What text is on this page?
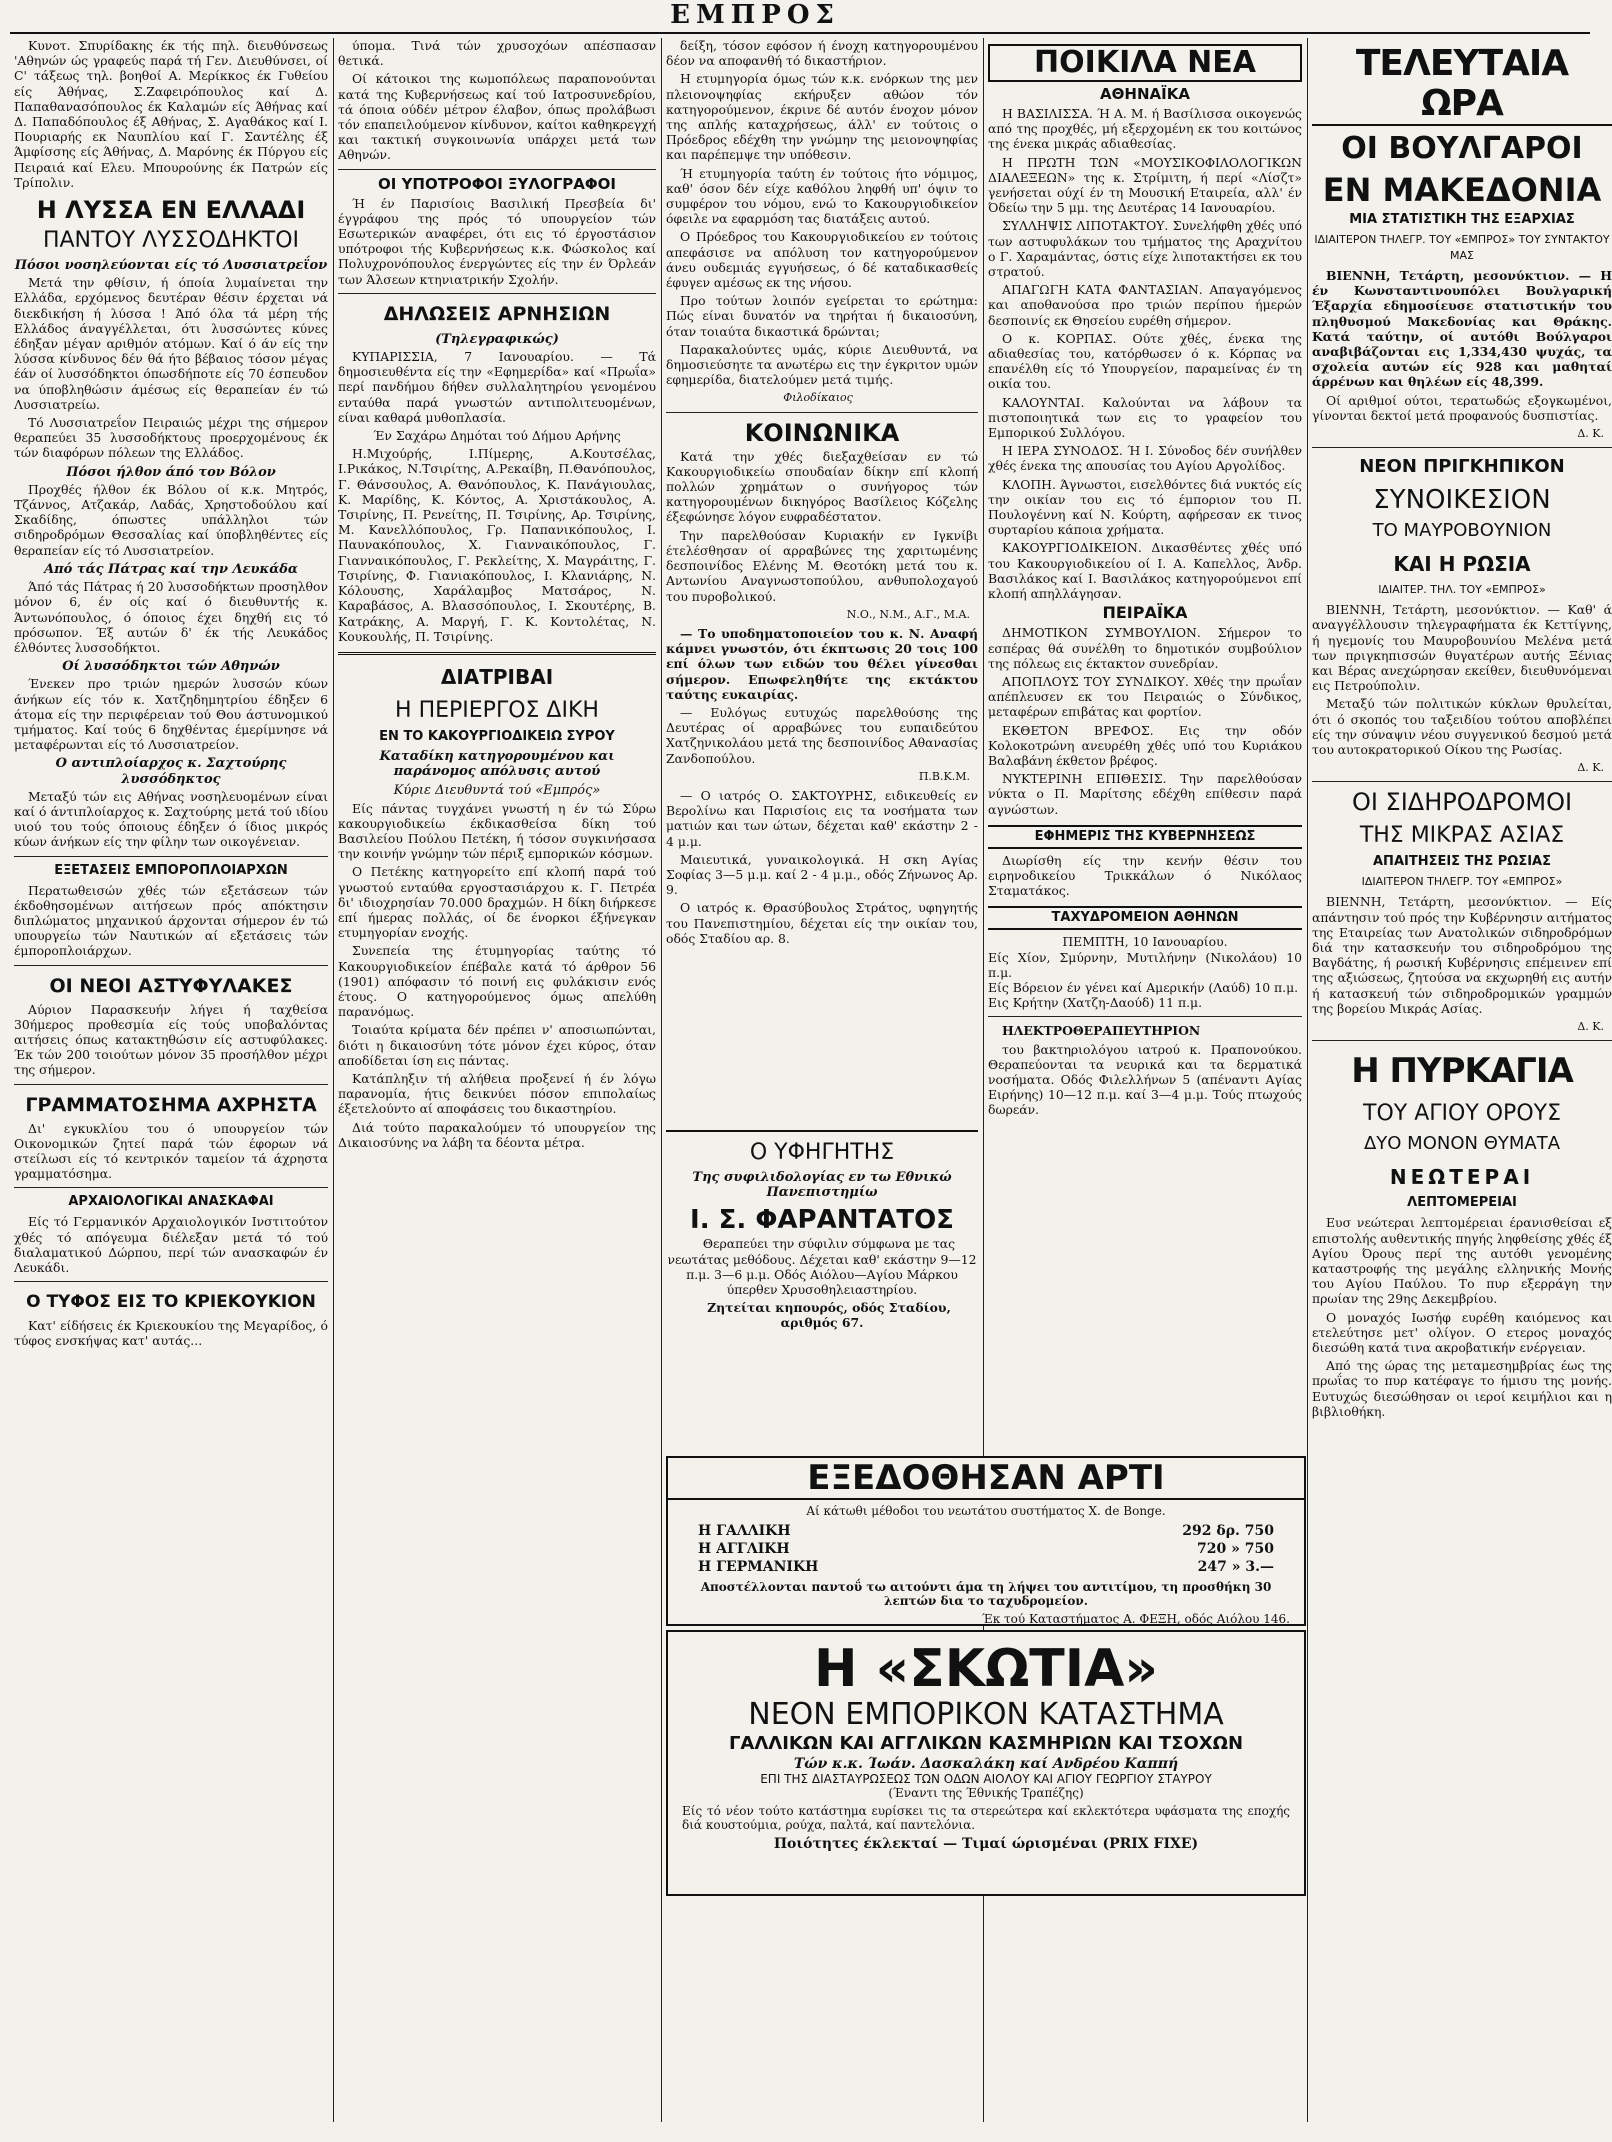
ΕΜΠΡΟΣ

Κυνοτ. Σπυρίδακης έκ τής πηλ. διευθύνσεως 'Αθηνών ώς γραφεύς παρά τή Γεν. Διευθύνσει, οί C' τάξεως τηλ. βοηθοί Α. Μερίκκος έκ Γυθείου είς Άθήνας, Σ.Ζαφειρόπουλος καί Δ. Παπαθανασόπουλος έκ Καλαμών είς Άθήνας καί Δ. Παπαδόπουλος έξ Αθήνας, Σ. Αγαθάκος καί Ι. Πουριαρής εκ Ναυπλίου καί Γ. Σαντέλης έξ Άμφίσσης είς Άθήνας, Δ. Μαρόνης έκ Πύργου είς Πειραιά καί Ελευ. Μπουρούνης έκ Πατρών είς Τρίπολιν.

Η ΛΥΣΣΑ ΕΝ ΕΛΛΑΔΙ
ΠΑΝΤΟΥ ΛΥΣΣΟΔΗΚΤΟΙ
Πόσοι νοσηλεύονται είς τό Λυσσιατρεΐον

Μετά την φθίσιν, ή όποία λυμαίνεται την Ελλάδα, ερχόμενος δευτέραν θέσιν έρχεται νά διεκδικήση ή λύσσα ! Άπό όλα τά μέρη τής Ελλάδος άναγγέλλεται, ότι λυσσώντες κύνες έδηξαν μέγαν αριθμόν ατόμων. Καί ό άν είς την λύσσα κίνδυνος δέν θά ήτο βέβαιος τόσον μέγας έάν οί λυσσόδηκτοι όπωσδήποτε είς 70 έσπευδον να ύποβληθώσιν άμέσως είς θεραπείαν έν τώ Λυσσιατρείω.

Τό Λυσσιατρεΐον Πειραιώς μέχρι της σήμερον θεραπεύει 35 λυσσοδήκτους προερχομένους έκ τών διαφόρων πόλεων της Ελλάδος.

Πόσοι ήλθον άπό τον Βόλον

Προχθές ήλθον έκ Βόλου οί κ.κ. Μητρός, Τζάννος, Ατζακάρ, Λαδάς, Χρηστοδούλου καί Σκαδίδης, όπωστες υπάλληλοι τών σιδηροδρόμων Θεσσαλίας καί ύποβληθέντες είς θεραπείαν είς τό Λυσσιατρείον.

Από τάς Πάτρας καί την Λευκάδα

Άπό τάς Πάτρας ή 20 λυσσοδήκτων προσηλθον μόνον 6, έν οίς καί ό διευθυντής κ. Άντωνόπουλος, ό όποιος έχει δηχθή εις τό πρόσωπον. Έξ αυτών δ' έκ τής Λευκάδος έλθόντες λυσσοδήκτοι.

Οί λυσσόδηκτοι τών Αθηνών

Ένεκεν προ τριών ημερών λυσσών κύων άνήκων είς τόν κ. Χατζηδημητρίου έδηξεν 6 άτομα είς την περιφέρειαν τού Θου άστυνομικού τμήματος. Καί τούς 6 δηχθέντας έμερίμνησε νά μεταφέρωνται είς τό Λυσσιατρείον.

Ο αντιπλοίαρχος κ. Σαχτούρης λυσσόδηκτος

Μεταξύ τών εις Αθήνας νοσηλευομένων είναι καί ό άντιπλοίαρχος κ. Σαχτούρης μετά τού ιδίου υιού του τούς όποιους έδηξεν ό ίδιος μικρός κύων άνήκων είς την φίλην των οικογένειαν.

ΕΞΕΤΑΣΕΙΣ ΕΜΠΟΡΟΠΛΟΙΑΡΧΩΝ

Περατωθεισών χθές τών εξετάσεων τών έκδοθησομένων αιτήσεων πρός απόκτησιν διπλώματος μηχανικού άρχονται σήμερον έν τώ υπουργείω τών Ναυτικών αί εξετάσεις τών έμποροπλοιάρχων.

ΟΙ ΝΕΟΙ ΑΣΤΥΦΥΛΑΚΕΣ

Αύριον Παρασκευήν λήγει ή ταχθείσα 30ήμερος προθεσμία είς τούς υποβαλόντας αιτήσεις όπως κατακτηθώσιν είς αστυφύλακες. Έκ τών 200 τοιούτων μόνον 35 προσήλθον μέχρι της σήμερον.

ΓΡΑΜΜΑΤΟΣΗΜΑ ΑΧΡΗΣΤΑ

Δι' εγκυκλίου του ό υπουργείον τών Οικονομικών ζητεί παρά τών έφορων νά στείλωσι είς τό κεντρικόν ταμείον τά άχρηστα γραμματόσημα.

ΑΡΧΑΙΟΛΟΓΙΚΑΙ ΑΝΑΣΚΑΦΑΙ

Είς τό Γερμανικόν Αρχαιολογικόν Ινστιτούτον χθές τό απόγευμα διέλεξαν μετά τό τού διαλαματικού Δώρπου, περί τών ανασκαφών έν Λευκάδι.

Ο ΤΥΦΟΣ ΕΙΣ ΤΟ ΚΡΙΕΚΟΥΚΙΟΝ

Κατ' είδήσεις έκ Κριεκουκίου της Μεγαρίδος, ό τύφος ενσκήψας κατ' αυτάς...

ύπομα. Τινά τών χρυσοχόων απέσπασαν θετικά.

Οί κάτοικοι της κωμοπόλεως παραπονούνται κατά της Κυβερνήσεως καί τού Ιατροσυνεδρίου, τά όποια ούδέν μέτρον έλαβον, όπως προλάβωσι τόν επαπειλούμενον κίνδυνον, καίτοι καθηκρεγχή και τακτική συγκοινωνία υπάρχει μετά των Αθηνών.

ΟΙ ΥΠΟΤΡΟΦΟΙ ΞΥΛΟΓΡΑΦΟΙ

Ή έν Παρισίοις Βασιλική Πρεσβεία δι' έγγράφου της πρός τό υπουργείον τών Εσωτερικών αναφέρει, ότι εις τό έργοστάσιον υπότροφοι τής Κυβερνήσεως κ.κ. Φώσκολος καί Πολυχρονόπουλος ένεργώντες είς την έν Όρλεάν των Άλσεων κτηνιατρικήν Σχολήν.

ΔΗΛΩΣΕΙΣ ΑΡΝΗΣΙΩΝ
(Τηλεγραφικώς)

ΚΥΠΑΡΙΣΣΙΑ, 7 Ιανουαρίου. — Τά δημοσιευθέντα είς την «Εφημερίδα» καί «Πρωΐα» περί πανδήμου δήθεν συλλαλητηρίου γενομένου ενταύθα παρά γνωστών αντιπολιτευομένων, είναι καθαρά μυθοπλασία.

Έν Σαχάρω Δημόται τού Δήμου Αρήνης

Η.Μιχούρής, Ι.Πίμερης, Α.Κουτσέλας, Ι.Ρικάκος, Ν.Τσιρίτης, Α.Ρεκαίβη, Π.Θανόπουλος, Γ. Θάνσουλος, Α. Θανόπουλος, Κ. Πανάγιουλας, Κ. Μαρίδης, Κ. Κόντος, Α. Χριστάκουλος, Α. Τσιρίνης, Π. Ρενείτης, Π. Τσιρίνης, Αρ. Τσιρίνης, Μ. Κανελλόπουλος, Γρ. Παπανικόπουλος, Ι. Παυνακόπουλος, Χ. Γιανναικόπουλος, Γ. Γιανναικόπουλος, Γ. Ρεκλείτης, Χ. Μαγράιτης, Γ. Τσιρίνης, Φ. Γιανιακόπουλος, Ι. Κλανιάρης, Ν. Κόλουσης, Χαράλαμβος Ματσάρος, Ν. Καραβάσος, Α. Βλασσόπουλος, Ι. Σκουτέρης, Β. Κατράκης, Α. Μαργή, Γ. Κ. Κοντολέτας, Ν. Κουκουλής, Π. Τσιρίνης.

ΔΙΑΤΡΙΒΑΙ
Η ΠΕΡΙΕΡΓΟΣ ΔΙΚΗ
ΕΝ ΤΟ ΚΑΚΟΥΡΓΙΟΔΙΚΕΙΩ ΣΥΡΟΥ
Καταδίκη κατηγορουμένου και παράνομος απόλυσις αυτού
Κύριε Διευθυντά τού «Εμπρός»

Είς πάντας τυγχάνει γνωστή η έν τώ Σύρω κακουργιοδικείω έκδικασθείσα δίκη τού Βασιλείου Πούλου Πετέκη, ή τόσον συγκινήσασα την κοινήν γνώμην τών πέριξ εμπορικών κόσμων.

Ο Πετέκης κατηγορείτο επί κλοπή παρά τού γνωστού ενταύθα εργοστασιάρχου κ. Γ. Πετρέα δι' ιδιοχρησίαν 70.000 δραχμών. Η δίκη διήρκεσε επί ήμερας πολλάς, οί δε ένορκοι έξήνεγκαν ετυμηγορίαν ενοχής.

Συνεπεία της έτυμηγορίας ταύτης τό Κακουργιοδικείον έπέβαλε κατά τό άρθρον 56 (1901) απόφασιν τό ποινή εις φυλάκισιν ενός έτους. Ο κατηγορούμενος όμως απελύθη παρανόμως.

Τοιαύτα κρίματα δέν πρέπει ν' αποσιωπώνται, διότι η δικαιοσύνη τότε μόνον έχει κύρος, όταν αποδίδεται ίση εις πάντας.

Κατάπληξιν τή αλήθεια προξενεί ή έν λόγω παρανομία, ήτις δεικνύει πόσον επιπολαίως έξετελούντο αί αποφάσεις του δικαστηρίου.

Διά τούτο παρακαλούμεν τό υπουργείον της Δικαιοσύνης να λάβη τα δέοντα μέτρα.

δείξη, τόσον εφόσον ή ένοχη κατηγορουμένου δέον να αποφανθή τό δικαστήριον.

Η ετυμηγορία όμως τών κ.κ. ενόρκων της μεν πλειονοψηφίας εκήρυξεν αθώον τόν κατηγορούμενον, έκρινε δέ αυτόν ένοχον μόνον της απλής καταχρήσεως, άλλ' εν τούτοις ο Πρόεδρος εδέχθη την γνώμην της μειονοψηφίας και παρέπεμψε την υπόθεσιν.

Ή ετυμηγορία ταύτη έν τούτοις ήτο νόμιμος, καθ' όσον δέν είχε καθόλου ληφθή υπ' όψιν το συμφέρον του νόμου, ενώ το Κακουργιοδικείον όφειλε να εφαρμόση τας διατάξεις αυτού.

Ο Πρόεδρος του Κακουργιοδικείου εν τούτοις απεφάσισε να απόλυση τον κατηγορούμενον άνευ ουδεμιάς εγγυήσεως, ό δέ καταδικασθείς έφυγεν αμέσως εκ της νήσου.

Προ τούτων λοιπόν εγείρεται το ερώτημα: Πώς είναι δυνατόν να τηρήται ή δικαιοσύνη, όταν τοιαύτα δικαστικά δρώνται;

Παρακαλούντες υμάς, κύριε Διευθυντά, να δημοσιεύσητε τα ανωτέρω εις την έγκριτον υμών εφημερίδα, διατελούμεν μετά τιμής.

Φιλοδίκαιος
ΚΟΙΝΩΝΙΚΑ

Κατά την χθές διεξαχθείσαν εν τώ Κακουργιοδικείω σπουδαίαν δίκην επί κλοπή πολλών χρημάτων ο συνήγορος τών κατηγορουμένων δικηγόρος Βασίλειος Κόζελης έξεφώνησε λόγον ευφραδέστατον.

Την παρελθούσαν Κυριακήν εν Ιγκνίβι έτελέσθησαν οί αρραβώνες της χαριτωμένης δεσποινίδος Ελένης Μ. Θεοτόκη μετά του κ. Αντωνίου Αναγνωστοπούλου, ανθυπολοχαγού του πυροβολικού.

Ν.Ο., Ν.Μ., Α.Γ., Μ.Α.

— Το υποδηματοποιείον του κ. Ν. Αναφή κάμνει γνωστόν, ότι έκπτωσις 20 τοις 100 επί όλων των ειδών του θέλει γίνεσθαι σήμερον. Επωφεληθήτε της εκτάκτου ταύτης ευκαιρίας.

— Ευλόγως ευτυχώς παρελθούσης της Δευτέρας οί αρραβώνες του ευπαιδεύτου Χατζηνικολάου μετά της δεσποινίδος Αθανασίας Ζανδοπούλου.

Π.Β.Κ.Μ.

— Ο ιατρός Ο. ΣΑΚΤΟΥΡΗΣ, ειδικευθείς εν Βερολίνω και Παρισίοις εις τα νοσήματα των ματιών και των ώτων, δέχεται καθ' εκάστην 2 - 4 μ.μ.

Μαιευτικά, γυναικολογικά. Η σκη Αγίας Σοφίας 3—5 μ.μ. καί 2 - 4 μ.μ., οδός Ζήνωνος Αρ. 9.

Ο ιατρός κ. Θρασύβουλος Στράτος, υφηγητής του Πανεπιστημίου, δέχεται είς την οικίαν του, οδός Σταδίου αρ. 8.

Ο ΥΦΗΓΗΤΗΣ
Της συφιλιδολογίας εν τω Εθνικώ Πανεπιστημίω
Ι. Σ. ΦΑΡΑΝΤΑΤΟΣ

Θεραπεύει την σύφιλιν σύμφωνα με τας νεωτάτας μεθόδους. Δέχεται καθ' εκάστην 9—12 π.μ. 3—6 μ.μ. Οδός Αιόλου—Αγίου Μάρκου ύπερθεν Χρυσοθηλειαστηρίου.

Ζητείται κηπουρός, οδός Σταδίου, αριθμός 67.

ΠΟΙΚΙΛΑ ΝΕΑ
ΑΘΗΝΑΪΚΑ

Η ΒΑΣΙΛΙΣΣΑ. Ή Α. Μ. ή Βασίλισσα οικογενώς από της προχθές, μή εξερχομένη εκ του κοιτώνος της ένεκα μικράς αδιαθεσίας.

Η ΠΡΩΤΗ ΤΩΝ «ΜΟΥΣΙΚΟΦΙΛΟΛΟΓΙΚΩΝ ΔΙΑΛΕΞΕΩΝ» της κ. Στρίμιτη, ή περί «Λίσζτ» γενήσεται ούχί έν τη Μουσική Εταιρεία, αλλ' έν Όδείω την 5 μμ. της Δευτέρας 14 Ιανουαρίου.

ΣΥΛΛΗΨΙΣ ΛΙΠΟΤΑΚΤΟΥ. Συνελήφθη χθές υπό των αστυφυλάκων του τμήματος της Αραχνίτου ο Γ. Χαραμάντας, όστις είχε λιποτακτήσει εκ του στρατού.

ΑΠΑΓΩΓΗ ΚΑΤΑ ΦΑΝΤΑΣΙΑΝ. Απαγαγόμενος και αποθανούσα προ τριών περίπου ήμερών δεσποινίς εκ Θησείου ευρέθη σήμερον.

Ο κ. ΚΟΡΠΑΣ. Ούτε χθές, ένεκα της αδιαθεσίας του, κατόρθωσεν ό κ. Κόρπας να επανέλθη είς τό Υπουργείον, παραμείνας έν τη οικία του.

ΚΑΛΟΥΝΤΑΙ. Καλούνται να λάβουν τα πιστοποιητικά των εις το γραφείον του Εμπορικού Συλλόγου.

Η ΙΕΡΑ ΣΥΝΟΔΟΣ. Ή Ι. Σύνοδος δέν συνήλθεν χθές ένεκα της απουσίας του Αγίου Αργολίδος.

ΚΛΟΠΗ. Άγνωστοι, εισελθόντες διά νυκτός είς την οικίαν του εις τό έμποριον του Π. Πουλογέννη καί Ν. Κούρτη, αφήρεσαν εκ τινος συρταρίου κάποια χρήματα.

ΚΑΚΟΥΡΓΙΟΔΙΚΕΙΟΝ. Δικασθέντες χθές υπό του Κακουργιοδικείου οί Ι. Α. Καπελλος, Άνδρ. Βασιλάκος καί Ι. Βασιλάκος κατηγορούμενοι επί κλοπή απηλλάγησαν.

ΠΕΙΡΑΪΚΑ

ΔΗΜΟΤΙΚΟΝ ΣΥΜΒΟΥΛΙΟΝ. Σήμερον το εσπέρας θά συνέλθη το δημοτικόν συμβούλιον της πόλεως εις έκτακτον συνεδρίαν.

ΑΠΟΠΛΟΥΣ ΤΟΥ ΣΥΝΔΙΚΟΥ. Χθές την πρωΐαν απέπλευσεν εκ του Πειραιώς ο Σύνδικος, μεταφέρων επιβάτας και φορτίον.

ΕΚΘΕΤΟΝ ΒΡΕΦΟΣ. Εις την οδόν Κολοκοτρώνη ανευρέθη χθές υπό του Κυριάκου Βαλαβάνη έκθετον βρέφος.

ΝΥΚΤΕΡΙΝΗ ΕΠΙΘΕΣΙΣ. Την παρελθούσαν νύκτα ο Π. Μαρίτσης εδέχθη επίθεσιν παρά αγνώστων.

ΕΦΗΜΕΡΙΣ ΤΗΣ ΚΥΒΕΡΝΗΣΕΩΣ

Διωρίσθη είς την κενήν θέσιν του ειρηνοδικείου Τρικκάλων ό Νικόλαος Σταματάκος.

ΤΑΧΥΔΡΟΜΕΙΟΝ ΑΘΗΝΩΝ
ΠΕΜΠΤΗ, 10 Ιανουαρίου.
Είς Χίον, Σμύρνην, Μυτιλήνην (Νικολάου) 10 π.μ.
Είς Βόρειον έν γένει καί Αμερικήν (Λαύδ) 10 π.μ.
Εις Κρήτην (Χατζη-Δαούδ) 11 π.μ.

ΗΛΕΚΤΡΟΘΕΡΑΠΕΥΤΗΡΙΟΝ

του βακτηριολόγου ιατρού κ. Πραπονούκου. Θεραπεύονται τα νευρικά και τα δερματικά νοσήματα. Οδός Φιλελλήνων 5 (απέναντι Αγίας Ειρήνης) 10—12 π.μ. καί 3—4 μ.μ. Τούς πτωχούς δωρεάν.

ΤΕΛΕΥΤΑΙΑ ΩΡΑ
ΟΙ ΒΟΥΛΓΑΡΟΙ
ΕΝ ΜΑΚΕΔΟΝΙΑ
ΜΙΑ ΣΤΑΤΙΣΤΙΚΗ ΤΗΣ ΕΞΑΡΧΙΑΣ
ΙΔΙΑΙΤΕΡΟΝ ΤΗΛΕΓΡ. ΤΟΥ «ΕΜΠΡΟΣ» ΤΟΥ ΣΥΝΤΑΚΤΟΥ ΜΑΣ

ΒΙΕΝΝΗ, Τετάρτη, μεσονύκτιον. — Η έν Κωνσταντινουπόλει Βουλγαρική Έξαρχία εδημοσίευσε στατιστικήν του πληθυσμού Μακεδονίας και Θράκης. Κατά ταύτην, οί αυτόθι Βούλγαροι αναβιβάζονται εις 1,334,430 ψυχάς, τα σχολεία αυτών είς 928 και μαθηταί άρρένων και θηλέων είς 48,399.

Οί αριθμοί ούτοι, τερατωδώς εξογκωμένοι, γίνονται δεκτοί μετά προφανούς δυσπιστίας.

Δ. Κ.
ΝΕΟΝ ΠΡΙΓΚΗΠΙΚΟΝ
ΣΥΝΟΙΚΕΣΙΟΝ
ΤΟ ΜΑΥΡΟΒΟΥΝΙΟΝ
ΚΑΙ Η ΡΩΣΙΑ
ΙΔΙΑΙΤΕΡ. ΤΗΛ. ΤΟΥ «ΕΜΠΡΟΣ»

ΒΙΕΝΝΗ, Τετάρτη, μεσονύκτιον. — Καθ' ά αναγγέλλουσιν τηλεγραφήματα έκ Κεττίγνης, ή ηγεμονίς του Μαυροβουνίου Μελένα μετά των πριγκηπισσών θυγατέρων αυτής Ξένιας και Βέρας ανεχώρησαν εκείθεν, διευθυνόμεναι εις Πετρούπολιν.

Μεταξύ τών πολιτικών κύκλων θρυλείται, ότι ό σκοπός του ταξειδίου τούτου αποβλέπει είς την σύναψιν νέου συγγενικού δεσμού μετά του αυτοκρατορικού Οίκου της Ρωσίας.

Δ. Κ.
ΟΙ ΣΙΔΗΡΟΔΡΟΜΟΙ
ΤΗΣ ΜΙΚΡΑΣ ΑΣΙΑΣ
ΑΠΑΙΤΗΣΕΙΣ ΤΗΣ ΡΩΣΙΑΣ
ΙΔΙΑΙΤΕΡΟΝ ΤΗΛΕΓΡ. ΤΟΥ «ΕΜΠΡΟΣ»

ΒΙΕΝΝΗ, Τετάρτη, μεσονύκτιον. — Είς απάντησιν τού πρός την Κυβέρνησιν αιτήματος της Εταιρείας των Ανατολικών σιδηροδρόμων διά την κατασκευήν του σιδηροδρόμου της Βαγδάτης, ή ρωσική Κυβέρνησις επέμεινεν επί της αξιώσεως, ζητούσα να εκχωρηθή εις αυτήν ή κατασκευή τών σιδηροδρομικών γραμμών της βορείου Μικράς Ασίας.

Δ. Κ.
Η ΠΥΡΚΑΓΙΑ
ΤΟΥ ΑΓΙΟΥ ΟΡΟΥΣ
ΔΥΟ ΜΟΝΟΝ ΘΥΜΑΤΑ
ΝΕΩΤΕΡΑΙ
ΛΕΠΤΟΜΕΡΕΙΑΙ

Ευσ νεώτεραι λεπτομέρειαι έρανισθείσαι εξ επιστολής αυθεντικής πηγής ληφθείσης χθές έξ Αγίου Όρους περί της αυτόθι γενομένης καταστροφής της μεγάλης ελληνικής Μονής του Αγίου Παύλου. Το πυρ εξερράγη την πρωίαν της 29ης Δεκεμβρίου.

Ο μοναχός Ιωσήφ ευρέθη καιόμενος και ετελεύτησε μετ' ολίγον. Ο ετερος μοναχός διεσώθη κατά τινα ακροβατικήν ενέργειαν.

Από της ώρας της μεταμεσημβρίας έως της πρωΐας το πυρ κατέφαγε το ήμισυ της μονής. Ευτυχώς διεσώθησαν οι ιεροί κειμήλιοι και η βιβλιοθήκη.

ΕΞΕΔΟΘΗΣΑΝ ΑΡΤΙ
Αί κάτωθι μέθοδοι του νεωτάτου συστήματος Χ. de Bonge.
Η ΓΑΛΛΙΚΗ	292 δρ. 750
Η ΑΓΓΛΙΚΗ	720 » 750
Η ΓΕΡΜΑΝΙΚΗ	247 » 3.—
Αποστέλλονται παντοΰ τω αιτούντι άμα τη λήψει του αντιτίμου, τη προσθήκη 30 λεπτών δια το ταχυδρομείον.
Έκ τού Καταστήματος Α. ΦΕΞΗ, οδός Αιόλου 146.
Η «ΣΚΩΤΙΑ»
ΝΕΟΝ ΕΜΠΟΡΙΚΟΝ ΚΑΤΑΣΤΗΜΑ
ΓΑΛΛΙΚΩΝ ΚΑΙ ΑΓΓΛΙΚΩΝ ΚΑΣΜΗΡΙΩΝ ΚΑΙ ΤΣΟΧΩΝ
Τών κ.κ. Ίωάν. Δασκαλάκη καί Ανδρέου Καππή
ΕΠΙ ΤΗΣ ΔΙΑΣΤΑΥΡΩΣΕΩΣ ΤΩΝ ΟΔΩΝ ΑΙΟΛΟΥ ΚΑΙ ΑΓΙΟΥ ΓΕΩΡΓΙΟΥ ΣΤΑΥΡΟΥ
(Έναντι της Έθνικής Τραπέζης)
Είς τό νέον τούτο κατάστημα ευρίσκει τις τα στερεώτερα καί εκλεκτότερα υφάσματα της εποχής διά κουστούμια, ρούχα, παλτά, καί παντελόνια.
Ποιότητες έκλεκταί — Τιμαί ώρισμέναι (PRIX FIXE)
